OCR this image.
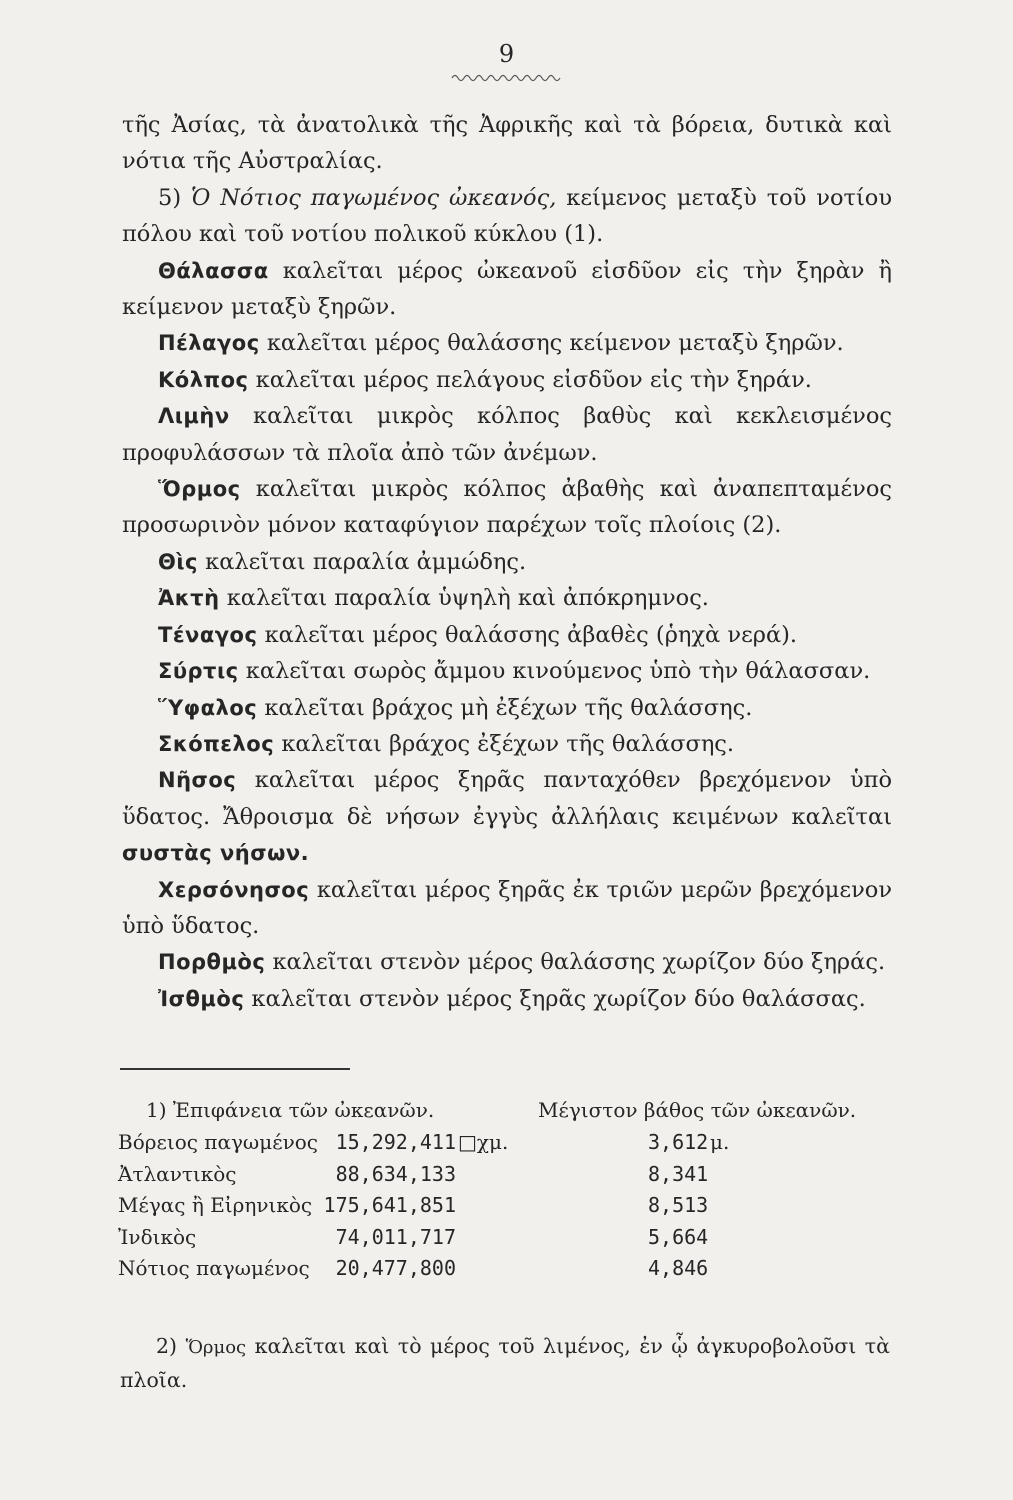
9

τῆς Ἀσίας, τὰ ἀνατολικὰ τῆς Ἀφρικῆς καὶ τὰ βόρεια, δυτικὰ καὶ νότια τῆς Αὐστραλίας.

5) Ὁ Νότιος παγωμένος ὠκεανός, κείμενος μεταξὺ τοῦ νοτίου πόλου καὶ τοῦ νοτίου πολικοῦ κύκλου (1).

Θάλασσα καλεῖται μέρος ὠκεανοῦ εἰσδῦον εἰς τὴν ξηρὰν ἢ κείμενον μεταξὺ ξηρῶν.

Πέλαγος καλεῖται μέρος θαλάσσης κείμενον μεταξὺ ξηρῶν.

Κόλπος καλεῖται μέρος πελάγους εἰσδῦον εἰς τὴν ξηράν.

Λιμὴν καλεῖται μικρὸς κόλπος βαθὺς καὶ κεκλεισμένος προφυλάσσων τὰ πλοῖα ἀπὸ τῶν ἀνέμων.

Ὅρμος καλεῖται μικρὸς κόλπος ἀβαθὴς καὶ ἀναπεπταμένος προσωρινὸν μόνον καταφύγιον παρέχων τοῖς πλοίοις (2).

Θὶς καλεῖται παραλία ἀμμώδης.

Ἀκτὴ καλεῖται παραλία ὑψηλὴ καὶ ἀπόκρημνος.

Τέναγος καλεῖται μέρος θαλάσσης ἀβαθὲς (ῥηχὰ νερά).

Σύρτις καλεῖται σωρὸς ἄμμου κινούμενος ὑπὸ τὴν θάλασσαν.

Ὕφαλος καλεῖται βράχος μὴ ἐξέχων τῆς θαλάσσης.

Σκόπελος καλεῖται βράχος ἐξέχων τῆς θαλάσσης.

Νῆσος καλεῖται μέρος ξηρᾶς πανταχόθεν βρεχόμενον ὑπὸ ὕδατος. Ἄθροισμα δὲ νήσων ἐγγὺς ἀλλήλαις κειμένων καλεῖται συστὰς νήσων.

Χερσόνησος καλεῖται μέρος ξηρᾶς ἐκ τριῶν μερῶν βρεχόμενον ὑπὸ ὕδατος.

Πορθμὸς καλεῖται στενὸν μέρος θαλάσσης χωρίζον δύο ξηράς.

Ἰσθμὸς καλεῖται στενὸν μέρος ξηρᾶς χωρίζον δύο θαλάσσας.

1) Ἐπιφάνεια τῶν ὠκεανῶν.	Μέγιστον βάθος τῶν ὠκεανῶν.
Βόρειος παγωμένος 15,292,411 □χμ.	3,612 μ.
Ἀτλαντικὸς	88,634,133	8,341
Μέγας ἢ Εἰρηνικὸς 175,641,851	8,513
Ἰνδικὸς	74,011,717	5,664
Νότιος παγωμένος 20,477,800	4,846
2) Ὅρμος καλεῖται καὶ τὸ μέρος τοῦ λιμένος, ἐν ᾧ ἀγκυροβολοῦσι τὰ πλοῖα.
